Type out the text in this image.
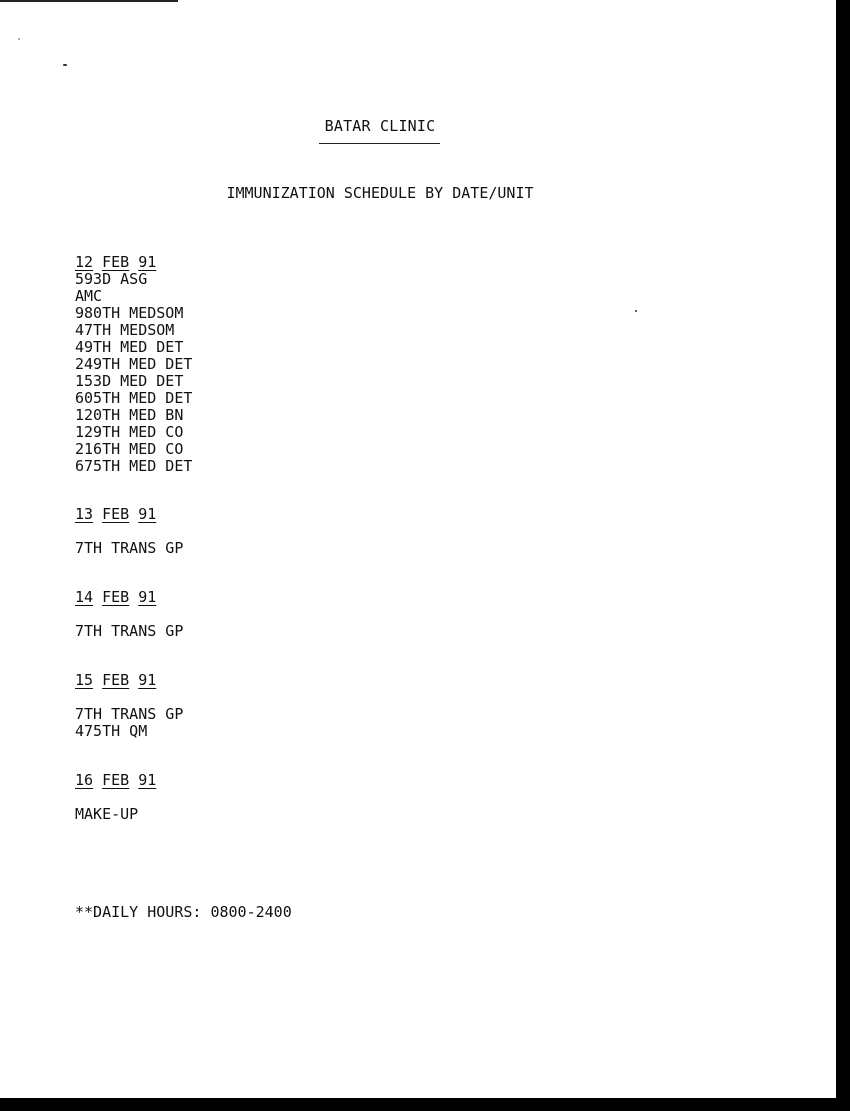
BATAR CLINIC
IMMUNIZATION SCHEDULE BY DATE/UNIT
12 FEB 91
593D ASG
AMC
980TH MEDSOM
47TH MEDSOM
49TH MED DET
249TH MED DET
153D MED DET
605TH MED DET
120TH MED BN
129TH MED CO
216TH MED CO
675TH MED DET
13 FEB 91
7TH TRANS GP
14 FEB 91
7TH TRANS GP
15 FEB 91
7TH TRANS GP
475TH QM
16 FEB 91
MAKE-UP
**DAILY HOURS: 0800-2400
